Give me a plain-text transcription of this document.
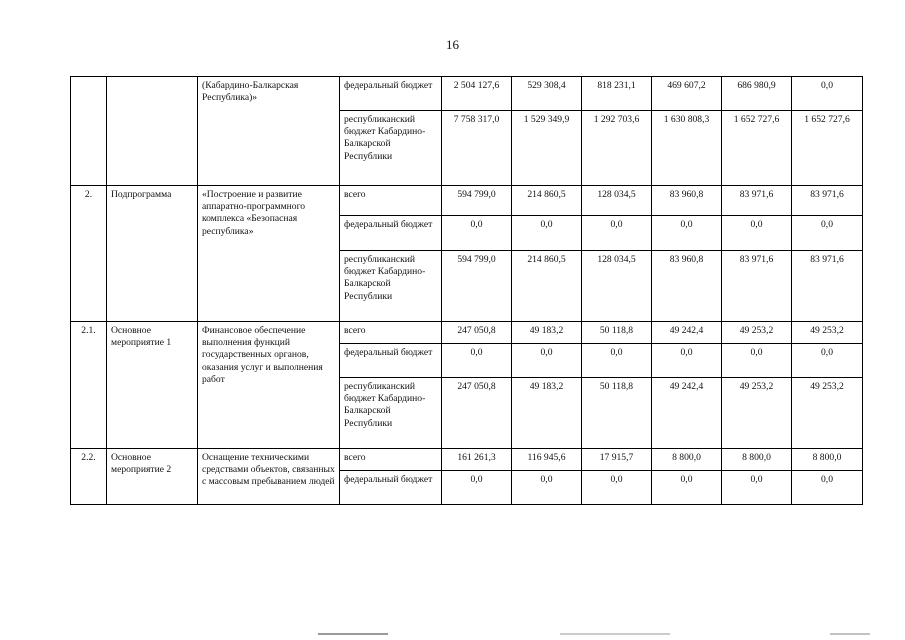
16
		(Кабардино-Балкарская Республика)»	федеральный бюджет	2 504 127,6	529 308,4	818 231,1	469 607,2	686 980,9	0,0
			республиканский бюджет Кабардино-Балкарской Республики	7 758 317,0	1 529 349,9	1 292 703,6	1 630 808,3	1 652 727,6	1 652 727,6
2.	Подпрограмма	«Построение и развитие аппаратно-программного комплекса «Безопасная республика»	всего	594 799,0	214 860,5	128 034,5	83 960,8	83 971,6	83 971,6
			федеральный бюджет	0,0	0,0	0,0	0,0	0,0	0,0
			республиканский бюджет Кабардино-Балкарской Республики	594 799,0	214 860,5	128 034,5	83 960,8	83 971,6	83 971,6
2.1.	Основное мероприятие 1	Финансовое обеспечение выполнения функций государственных органов, оказания услуг и выполнения работ	всего	247 050,8	49 183,2	50 118,8	49 242,4	49 253,2	49 253,2
			федеральный бюджет	0,0	0,0	0,0	0,0	0,0	0,0
			республиканский бюджет Кабардино-Балкарской Республики	247 050,8	49 183,2	50 118,8	49 242,4	49 253,2	49 253,2
2.2.	Основное мероприятие 2	Оснащение техническими средствами объектов, связанных с массовым пребыванием людей	всего	161 261,3	116 945,6	17 915,7	8 800,0	8 800,0	8 800,0
			федеральный бюджет	0,0	0,0	0,0	0,0	0,0	0,0
